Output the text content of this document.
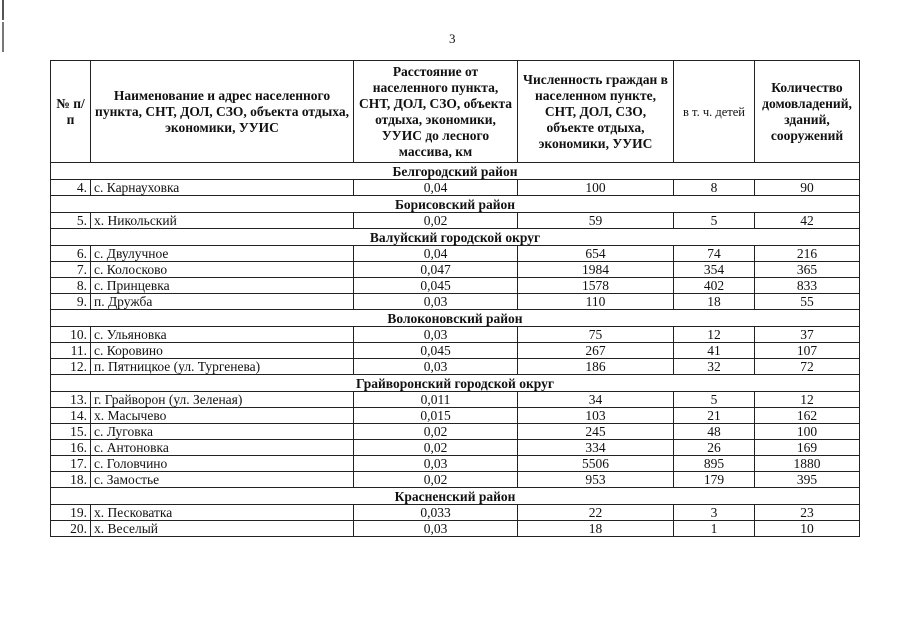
3
№ п/п	Наименование и адрес населенного пункта, СНТ, ДОЛ, СЗО, объекта отдыха, экономики, УУИС	Расстояние от населенного пункта, СНТ, ДОЛ, СЗО, объекта отдыха, экономики, УУИС до лесного массива, км	Численность граждан в населенном пункте, СНТ, ДОЛ, СЗО, объекте отдыха, экономики, УУИС	в т. ч. детей	Количество домовладений, зданий, сооружений
Белгородский район					
4.	с. Карнауховка	0,04	100	8	90
Борисовский район					
5.	х. Никольский	0,02	59	5	42
Валуйский городской округ					
6.	с. Двулучное	0,04	654	74	216
7.	с. Колосково	0,047	1984	354	365
8.	с. Принцевка	0,045	1578	402	833
9.	п. Дружба	0,03	110	18	55
Волоконовский район					
10.	с. Ульяновка	0,03	75	12	37
11.	с. Коровино	0,045	267	41	107
12.	п. Пятницкое (ул. Тургенева)	0,03	186	32	72
Грайворонский городской округ					
13.	г. Грайворон (ул. Зеленая)	0,011	34	5	12
14.	х. Масычево	0,015	103	21	162
15.	с. Луговка	0,02	245	48	100
16.	с. Антоновка	0,02	334	26	169
17.	с. Головчино	0,03	5506	895	1880
18.	с. Замостье	0,02	953	179	395
Красненский район					
19.	х. Песковатка	0,033	22	3	23
20.	х. Веселый	0,03	18	1	10
